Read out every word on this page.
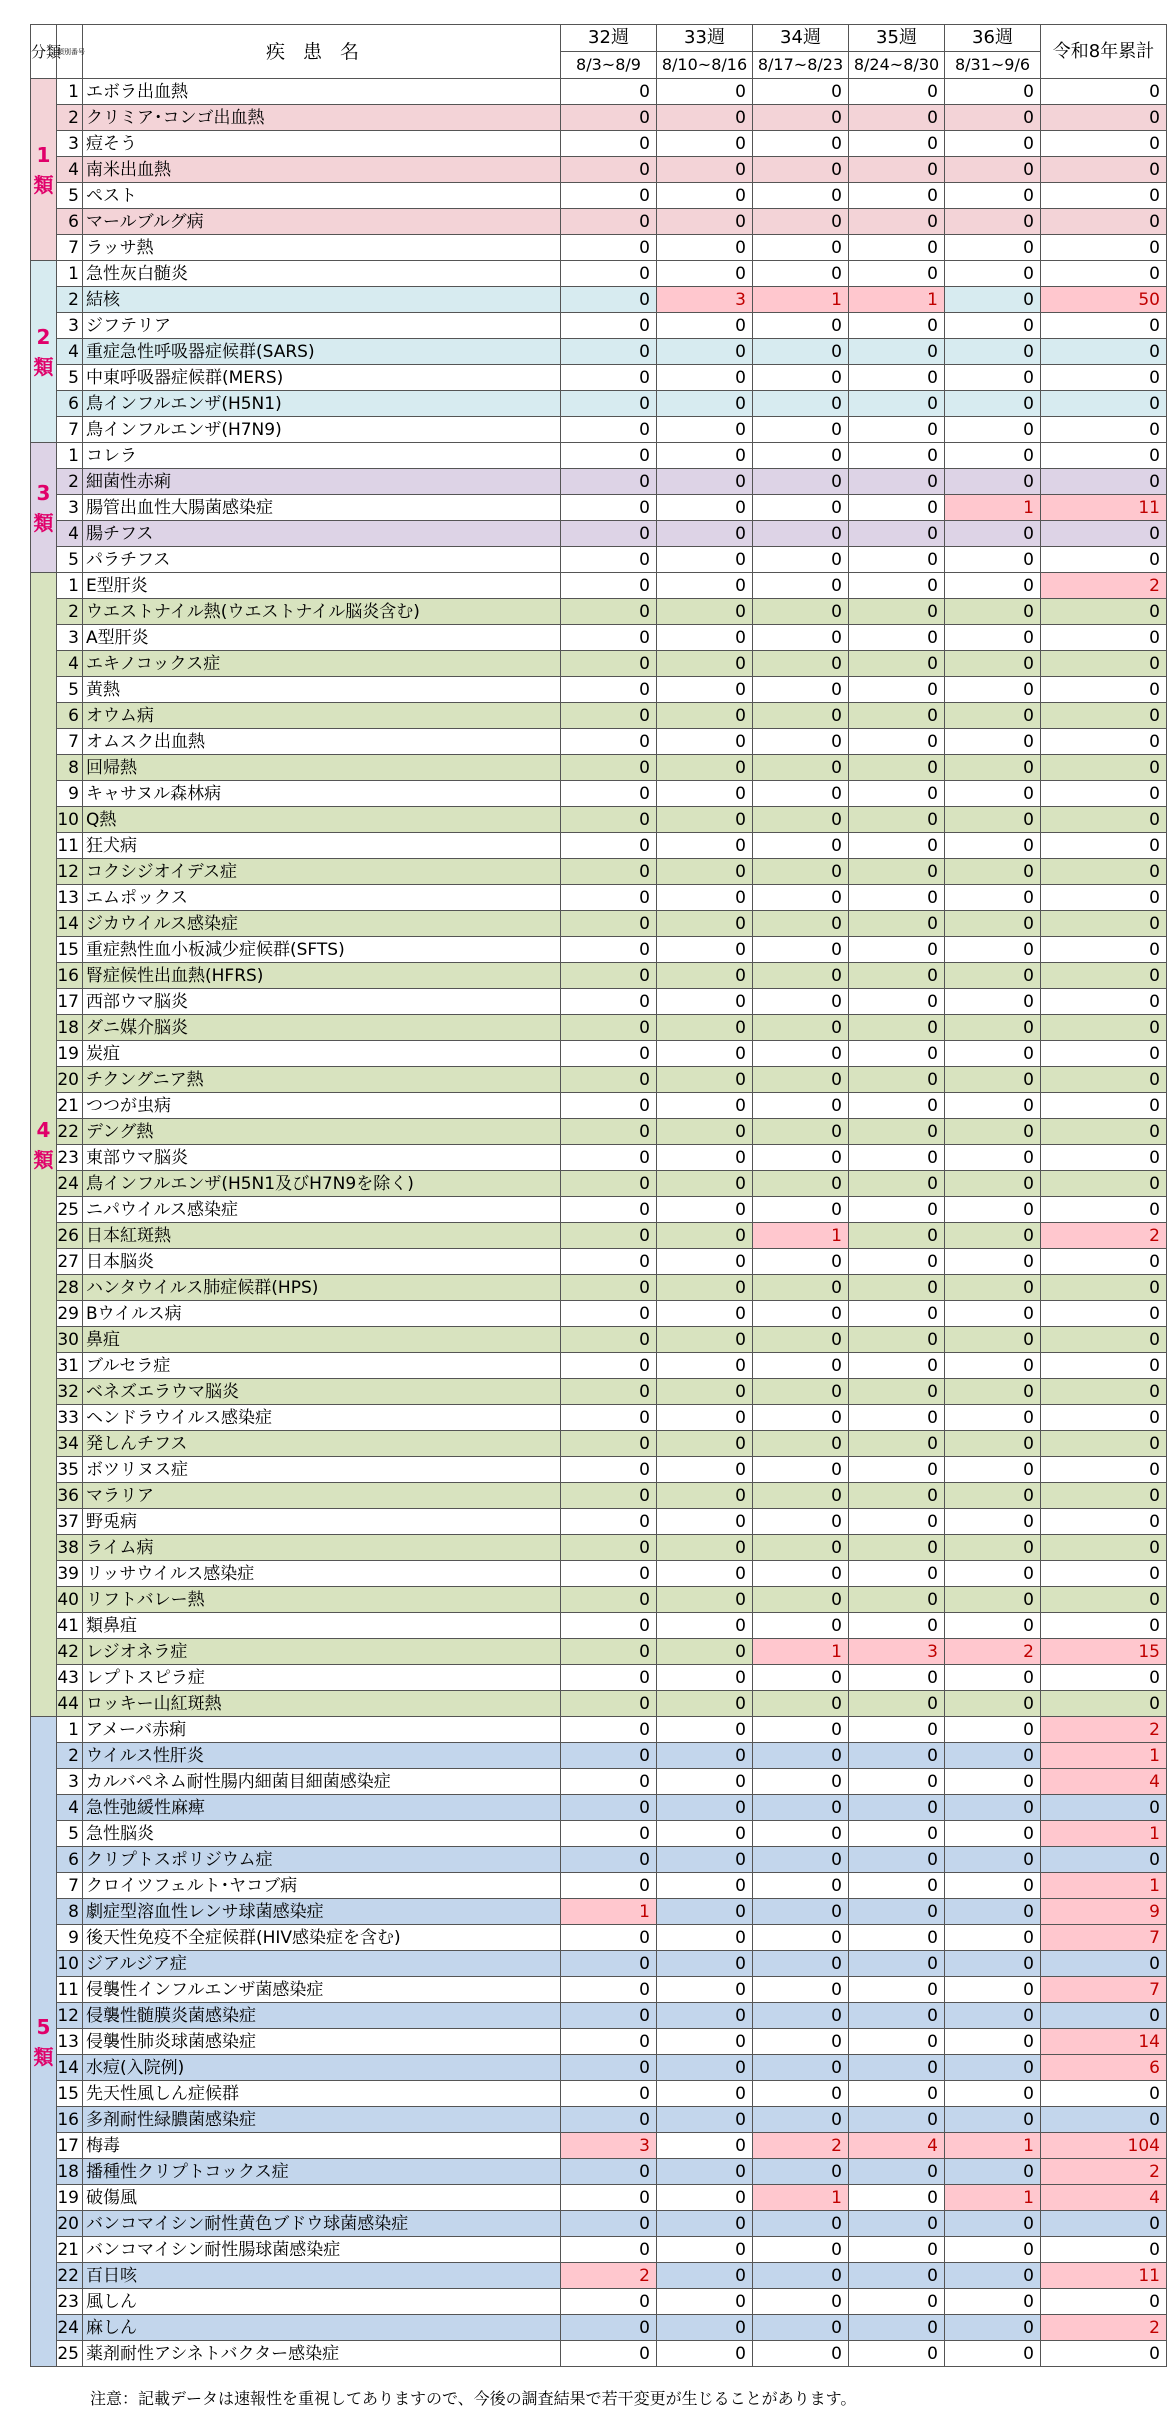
分類	類別番号	疾患名	32週	33週	34週	35週	36週	令和8年累計
			8/3~8/9	8/10~8/16	8/17~8/23	8/24~8/30	8/31~9/6	
1
類	1	エボラ出血熱	0	0	0	0	0	0
	2	クリミア･コンゴ出血熱	0	0	0	0	0	0
	3	痘そう	0	0	0	0	0	0
	4	南米出血熱	0	0	0	0	0	0
	5	ペスト	0	0	0	0	0	0
	6	マールブルグ病	0	0	0	0	0	0
	7	ラッサ熱	0	0	0	0	0	0
2
類	1	急性灰白髄炎	0	0	0	0	0	0
	2	結核	0	3	1	1	0	50
	3	ジフテリア	0	0	0	0	0	0
	4	重症急性呼吸器症候群(SARS)	0	0	0	0	0	0
	5	中東呼吸器症候群(MERS)	0	0	0	0	0	0
	6	鳥インフルエンザ(H5N1)	0	0	0	0	0	0
	7	鳥インフルエンザ(H7N9)	0	0	0	0	0	0
3
類	1	コレラ	0	0	0	0	0	0
	2	細菌性赤痢	0	0	0	0	0	0
	3	腸管出血性大腸菌感染症	0	0	0	0	1	11
	4	腸チフス	0	0	0	0	0	0
	5	パラチフス	0	0	0	0	0	0
4
類	1	E型肝炎	0	0	0	0	0	2
	2	ウエストナイル熱(ウエストナイル脳炎含む)	0	0	0	0	0	0
	3	A型肝炎	0	0	0	0	0	0
	4	エキノコックス症	0	0	0	0	0	0
	5	黄熱	0	0	0	0	0	0
	6	オウム病	0	0	0	0	0	0
	7	オムスク出血熱	0	0	0	0	0	0
	8	回帰熱	0	0	0	0	0	0
	9	キャサヌル森林病	0	0	0	0	0	0
	10	Q熱	0	0	0	0	0	0
	11	狂犬病	0	0	0	0	0	0
	12	コクシジオイデス症	0	0	0	0	0	0
	13	エムポックス	0	0	0	0	0	0
	14	ジカウイルス感染症	0	0	0	0	0	0
	15	重症熱性血小板減少症候群(SFTS)	0	0	0	0	0	0
	16	腎症候性出血熱(HFRS)	0	0	0	0	0	0
	17	西部ウマ脳炎	0	0	0	0	0	0
	18	ダニ媒介脳炎	0	0	0	0	0	0
	19	炭疽	0	0	0	0	0	0
	20	チクングニア熱	0	0	0	0	0	0
	21	つつが虫病	0	0	0	0	0	0
	22	デング熱	0	0	0	0	0	0
	23	東部ウマ脳炎	0	0	0	0	0	0
	24	鳥インフルエンザ(H5N1及びH7N9を除く)	0	0	0	0	0	0
	25	ニパウイルス感染症	0	0	0	0	0	0
	26	日本紅斑熱	0	0	1	0	0	2
	27	日本脳炎	0	0	0	0	0	0
	28	ハンタウイルス肺症候群(HPS)	0	0	0	0	0	0
	29	Bウイルス病	0	0	0	0	0	0
	30	鼻疽	0	0	0	0	0	0
	31	ブルセラ症	0	0	0	0	0	0
	32	ベネズエラウマ脳炎	0	0	0	0	0	0
	33	ヘンドラウイルス感染症	0	0	0	0	0	0
	34	発しんチフス	0	0	0	0	0	0
	35	ボツリヌス症	0	0	0	0	0	0
	36	マラリア	0	0	0	0	0	0
	37	野兎病	0	0	0	0	0	0
	38	ライム病	0	0	0	0	0	0
	39	リッサウイルス感染症	0	0	0	0	0	0
	40	リフトバレー熱	0	0	0	0	0	0
	41	類鼻疽	0	0	0	0	0	0
	42	レジオネラ症	0	0	1	3	2	15
	43	レプトスピラ症	0	0	0	0	0	0
	44	ロッキー山紅斑熱	0	0	0	0	0	0
5
類	1	アメーバ赤痢	0	0	0	0	0	2
	2	ウイルス性肝炎	0	0	0	0	0	1
	3	カルバペネム耐性腸内細菌目細菌感染症	0	0	0	0	0	4
	4	急性弛緩性麻痺	0	0	0	0	0	0
	5	急性脳炎	0	0	0	0	0	1
	6	クリプトスポリジウム症	0	0	0	0	0	0
	7	クロイツフェルト･ヤコブ病	0	0	0	0	0	1
	8	劇症型溶血性レンサ球菌感染症	1	0	0	0	0	9
	9	後天性免疫不全症候群(HIV感染症を含む)	0	0	0	0	0	7
	10	ジアルジア症	0	0	0	0	0	0
	11	侵襲性インフルエンザ菌感染症	0	0	0	0	0	7
	12	侵襲性髄膜炎菌感染症	0	0	0	0	0	0
	13	侵襲性肺炎球菌感染症	0	0	0	0	0	14
	14	水痘(入院例)	0	0	0	0	0	6
	15	先天性風しん症候群	0	0	0	0	0	0
	16	多剤耐性緑膿菌感染症	0	0	0	0	0	0
	17	梅毒	3	0	2	4	1	104
	18	播種性クリプトコックス症	0	0	0	0	0	2
	19	破傷風	0	0	1	0	1	4
	20	バンコマイシン耐性黄色ブドウ球菌感染症	0	0	0	0	0	0
	21	バンコマイシン耐性腸球菌感染症	0	0	0	0	0	0
	22	百日咳	2	0	0	0	0	11
	23	風しん	0	0	0	0	0	0
	24	麻しん	0	0	0	0	0	2
	25	薬剤耐性アシネトバクター感染症	0	0	0	0	0	0
注意：記載データは速報性を重視してありますので、今後の調査結果で若干変更が生じることがあります。
